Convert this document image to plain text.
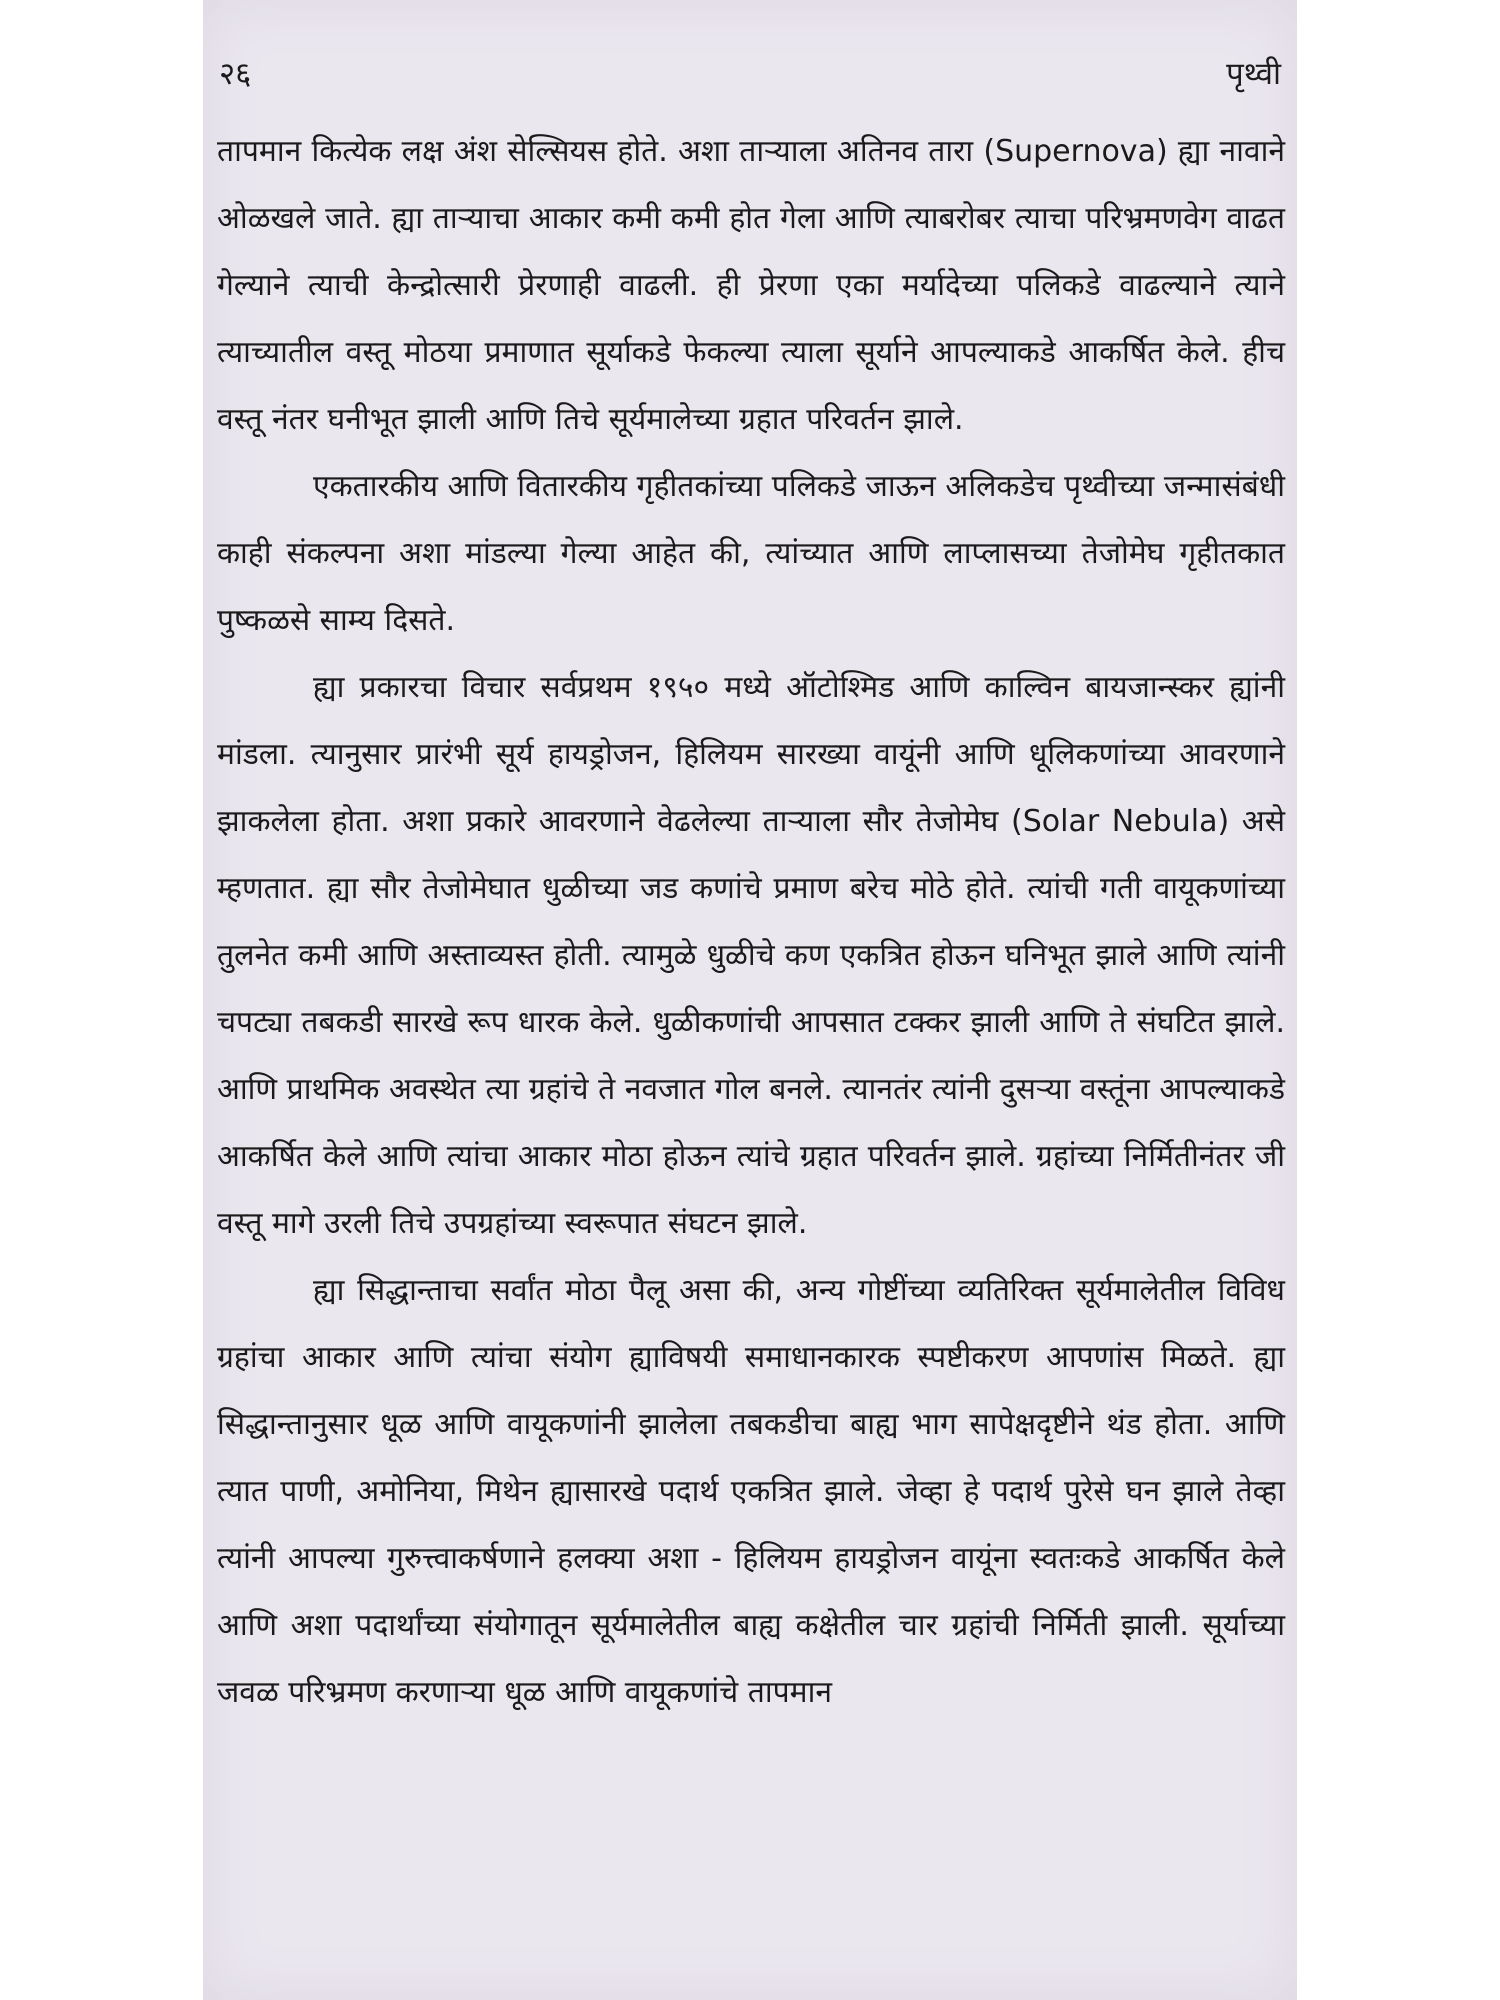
२६	पृथ्वी

तापमान कित्येक लक्ष अंश सेल्सियस होते. अशा ताऱ्याला अतिनव तारा (Supernova) ह्या नावाने ओळखले जाते. ह्या ताऱ्याचा आकार कमी कमी होत गेला आणि त्याबरोबर त्याचा परिभ्रमणवेग वाढत गेल्याने त्याची केन्द्रोत्सारी प्रेरणाही वाढली. ही प्रेरणा एका मर्यादेच्या पलिकडे वाढल्याने त्याने त्याच्यातील वस्तू मोठया प्रमाणात सूर्याकडे फेकल्या त्याला सूर्याने आपल्याकडे आकर्षित केले. हीच वस्तू नंतर घनीभूत झाली आणि तिचे सूर्यमालेच्या ग्रहात परिवर्तन झाले.

एकतारकीय आणि वितारकीय गृहीतकांच्या पलिकडे जाऊन अलिकडेच पृथ्वीच्या जन्मासंबंधी काही संकल्पना अशा मांडल्या गेल्या आहेत की, त्यांच्यात आणि लाप्लासच्या तेजोमेघ गृहीतकात पुष्कळसे साम्य दिसते.

ह्या प्रकारचा विचार सर्वप्रथम १९५० मध्ये ऑटोश्मिड आणि काल्विन बायजान्स्कर ह्यांनी मांडला. त्यानुसार प्रारंभी सूर्य हायड्रोजन, हिलियम सारख्या वायूंनी आणि धूलिकणांच्या आवरणाने झाकलेला होता. अशा प्रकारे आवरणाने वेढलेल्या ताऱ्याला सौर तेजोमेघ (Solar Nebula) असे म्हणतात. ह्या सौर तेजोमेघात धुळीच्या जड कणांचे प्रमाण बरेच मोठे होते. त्यांची गती वायूकणांच्या तुलनेत कमी आणि अस्ताव्यस्त होती. त्यामुळे धुळीचे कण एकत्रित होऊन घनिभूत झाले आणि त्यांनी चपट्या तबकडी सारखे रूप धारक केले. धुळीकणांची आपसात टक्कर झाली आणि ते संघटित झाले. आणि प्राथमिक अवस्थेत त्या ग्रहांचे ते नवजात गोल बनले. त्यानतंर त्यांनी दुसऱ्या वस्तूंना आपल्याकडे आकर्षित केले आणि त्यांचा आकार मोठा होऊन त्यांचे ग्रहात परिवर्तन झाले. ग्रहांच्या निर्मितीनंतर जी वस्तू मागे उरली तिचे उपग्रहांच्या स्वरूपात संघटन झाले.

ह्या सिद्धान्ताचा सर्वांत मोठा पैलू असा की, अन्य गोष्टींच्या व्यतिरिक्त सूर्यमालेतील विविध ग्रहांचा आकार आणि त्यांचा संयोग ह्याविषयी समाधानकारक स्पष्टीकरण आपणांस मिळते. ह्या सिद्धान्तानुसार धूळ आणि वायूकणांनी झालेला तबकडीचा बाह्य भाग सापेक्षदृष्टीने थंड होता. आणि त्यात पाणी, अमोनिया, मिथेन ह्यासारखे पदार्थ एकत्रित झाले. जेव्हा हे पदार्थ पुरेसे घन झाले तेव्हा त्यांनी आपल्या गुरुत्त्वाकर्षणाने हलक्या अशा - हिलियम हायड्रोजन वायूंना स्वतःकडे आकर्षित केले आणि अशा पदार्थांच्या संयोगातून सूर्यमालेतील बाह्य कक्षेतील चार ग्रहांची निर्मिती झाली. सूर्याच्या जवळ परिभ्रमण करणाऱ्या धूळ आणि वायूकणांचे तापमान
